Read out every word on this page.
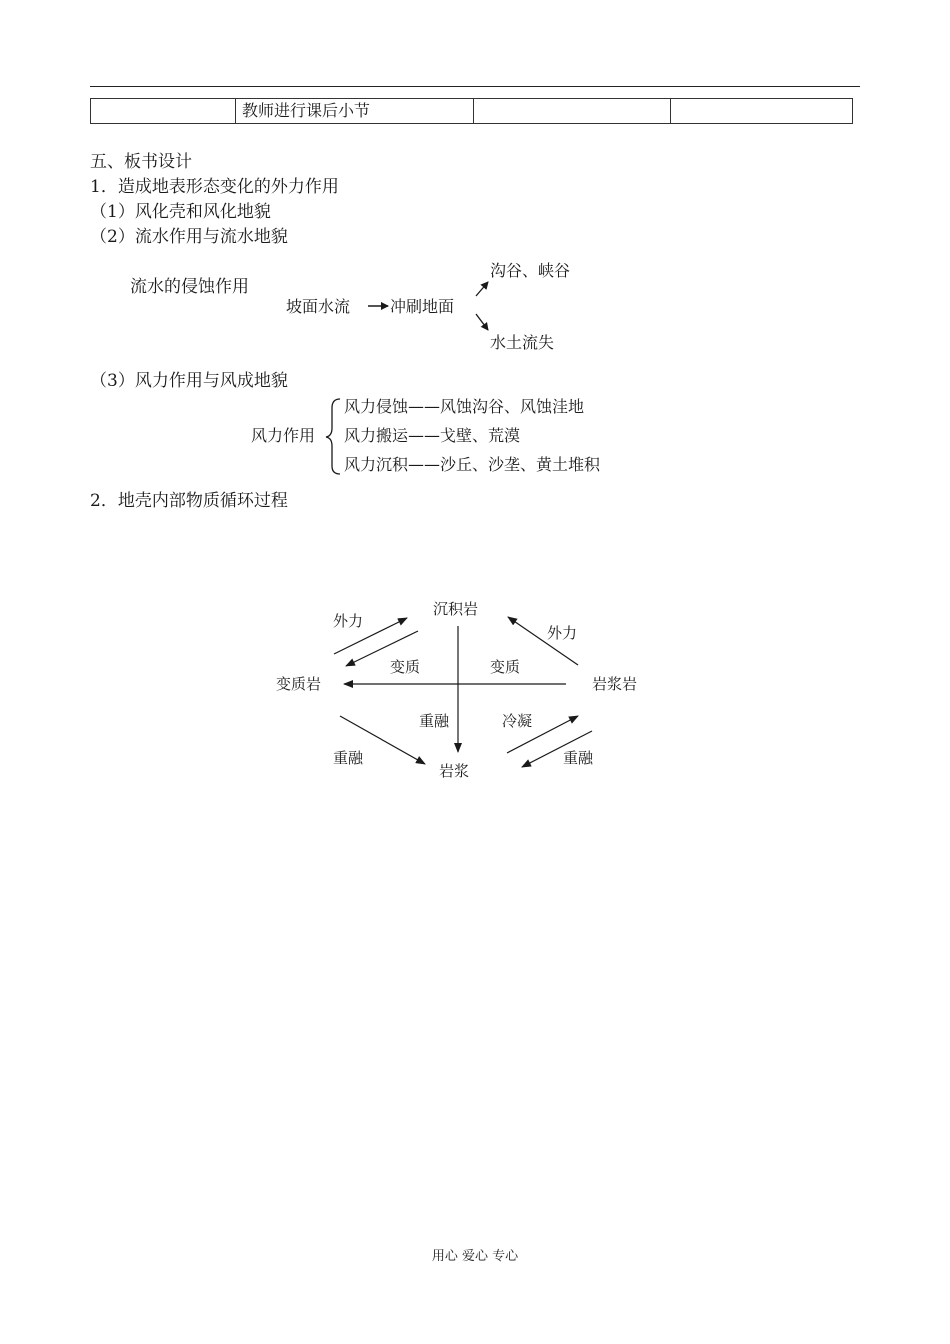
	教师进行课后小节		
五、板书设计
1．造成地表形态变化的外力作用
（1）风化壳和风化地貌
（2）流水作用与流水地貌
流水的侵蚀作用
坡面水流 冲刷地面
沟谷、峡谷
水土流失
（3）风力作用与风成地貌
风力作用
风力侵蚀——风蚀沟谷、风蚀洼地
风力搬运——戈壁、荒漠
风力沉积——沙丘、沙垄、黄土堆积
2．地壳内部物质循环过程
沉积岩
变质岩	岩浆岩
岩浆
外力
外力
变质	变质
重融	冷凝
重融	重融
用心 爱心 专心
